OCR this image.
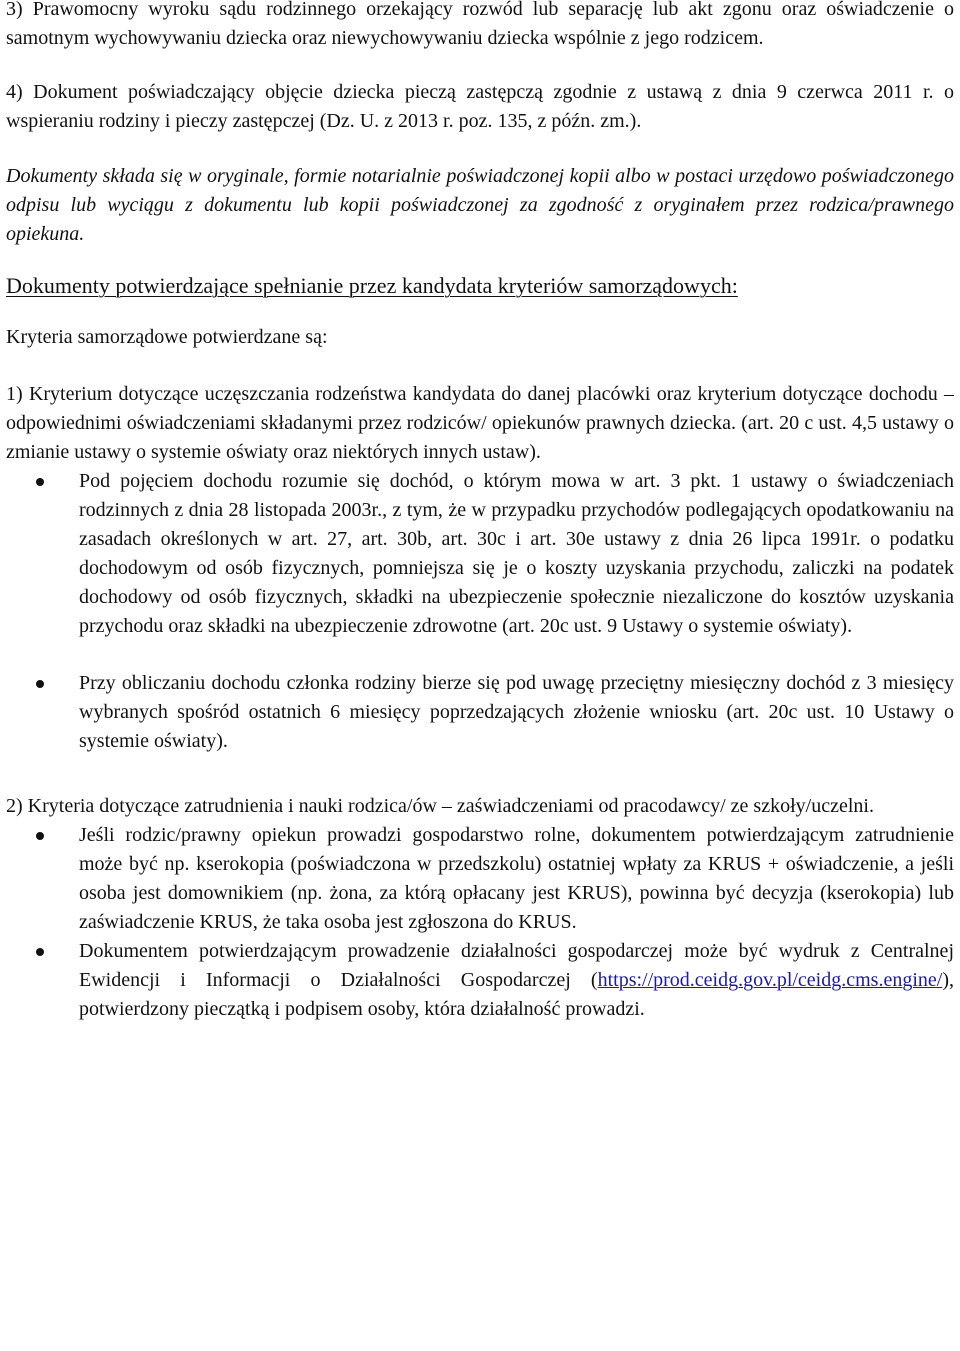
3) Prawomocny wyroku sądu rodzinnego orzekający rozwód lub separację lub akt zgonu oraz oświadczenie o samotnym wychowywaniu dziecka oraz niewychowywaniu dziecka wspólnie z jego rodzicem.

4) Dokument poświadczający objęcie dziecka pieczą zastępczą zgodnie z ustawą z dnia 9 czerwca 2011 r. o wspieraniu rodziny i pieczy zastępczej (Dz. U. z 2013 r. poz. 135, z późn. zm.).

Dokumenty składa się w oryginale, formie notarialnie poświadczonej kopii albo w postaci urzędowo poświadczonego odpisu lub wyciągu z dokumentu lub kopii poświadczonej za zgodność z oryginałem przez rodzica/prawnego opiekuna.

Dokumenty potwierdzające spełnianie przez kandydata kryteriów samorządowych:

Kryteria samorządowe potwierdzane są:

1) Kryterium dotyczące uczęszczania rodzeństwa kandydata do danej placówki oraz kryterium dotyczące dochodu – odpowiednimi oświadczeniami składanymi przez rodziców/ opiekunów prawnych dziecka. (art. 20 c ust. 4,5 ustawy o zmianie ustawy o systemie oświaty oraz niektórych innych ustaw).

Pod pojęciem dochodu rozumie się dochód, o którym mowa w art. 3 pkt. 1 ustawy o świadczeniach rodzinnych z dnia 28 listopada 2003r., z tym, że w przypadku przychodów podlegających opodatkowaniu na zasadach określonych w art. 27, art. 30b, art. 30c i art. 30e ustawy z dnia 26 lipca 1991r. o podatku dochodowym od osób fizycznych, pomniejsza się je o koszty uzyskania przychodu, zaliczki na podatek dochodowy od osób fizycznych, składki na ubezpieczenie społecznie niezaliczone do kosztów uzyskania przychodu oraz składki na ubezpieczenie zdrowotne (art. 20c ust. 9 Ustawy o systemie oświaty).
Przy obliczaniu dochodu członka rodziny bierze się pod uwagę przeciętny miesięczny dochód z 3 miesięcy wybranych spośród ostatnich 6 miesięcy poprzedzających złożenie wniosku (art. 20c ust. 10 Ustawy o systemie oświaty).

2) Kryteria dotyczące zatrudnienia i nauki rodzica/ów – zaświadczeniami od pracodawcy/ ze szkoły/uczelni.

Jeśli rodzic/prawny opiekun prowadzi gospodarstwo rolne, dokumentem potwierdzającym zatrudnienie może być np. kserokopia (poświadczona w przedszkolu) ostatniej wpłaty za KRUS + oświadczenie, a jeśli osoba jest domownikiem (np. żona, za którą opłacany jest KRUS), powinna być decyzja (kserokopia) lub zaświadczenie KRUS, że taka osoba jest zgłoszona do KRUS.
Dokumentem potwierdzającym prowadzenie działalności gospodarczej może być wydruk z Centralnej Ewidencji i Informacji o Działalności Gospodarczej (https://prod.ceidg.gov.pl/ceidg.cms.engine/), potwierdzony pieczątką i podpisem osoby, która działalność prowadzi.
